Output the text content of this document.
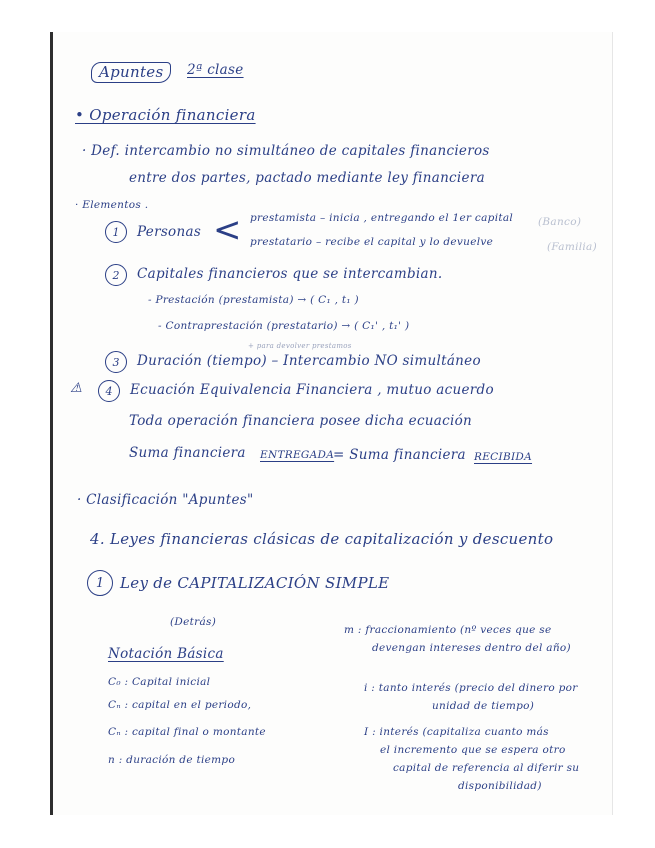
Apuntes	2ª clase
• Operación financiera
· Def. intercambio no simultáneo de capitales financieros
entre dos partes, pactado mediante ley financiera
· Elementos .
1 Personas < prestamista – inicia , entregando el 1er capital (Banco)
prestatario – recibe el capital y lo devuelve	(Familia)
2 Capitales financieros que se intercambian.
- Prestación (prestamista) → ( C₁ , t₁ )
- Contraprestación (prestatario) → ( C₁' , t₁' )
+ para devolver prestamos
3 Duración (tiempo) – Intercambio NO simultáneo
⚠ 4 Ecuación Equivalencia Financiera , mutuo acuerdo
Toda operación financiera posee dicha ecuación
Suma financiera ENTREGADA
= Suma financiera RECIBIDA
· Clasificación "Apuntes"
4. Leyes financieras clásicas de capitalización y descuento
1 Ley de CAPITALIZACIÓN SIMPLE
(Detrás)
Notación Básica
C₀ : Capital inicial
Cₙ : capital en el periodo,
Cₙ : capital final o montante
n : duración de tiempo
m : fraccionamiento (nº veces que se
devengan intereses dentro del año)
i : tanto interés (precio del dinero por
unidad de tiempo)
I : interés (capitaliza cuanto más
el incremento que se espera otro
capital de referencia al diferir su
disponibilidad)
